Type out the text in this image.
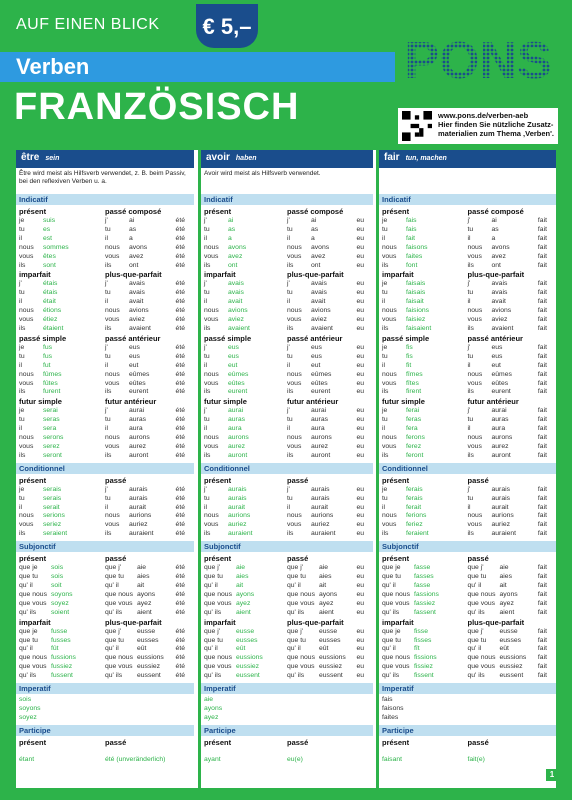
AUF EINEN BLICK € 5,–
Verben
FRANZÖSISCH
PONS
www.pons.de/verben-aeb
Hier finden Sie nützliche Zusatz-materialien zum Thema ‚Verben'.
être sein
Être wird meist als Hilfsverb verwendet, z. B. beim Passiv, bei den reflexiven Verben u. a.
Indicatif
présent
je	suis
tu	es
il	est
nous	sommes
vous	êtes
ils	sont
passé composé
j'	ai	été
tu	as	été
il	a	été
nous	avons	été
vous	avez	été
ils	ont	été
imparfait
j'	étais
tu	étais
il	était
nous	étions
vous	étiez
ils	étaient
plus-que-parfait
j'	avais	été
tu	avais	été
il	avait	été
nous	avions	été
vous	aviez	été
ils	avaient	été
passé simple
je	fus
tu	fus
il	fut
nous	fûmes
vous	fûtes
ils	furent
passé antérieur
j'	eus	été
tu	eus	été
il	eut	été
nous	eûmes	été
vous	eûtes	été
ils	eurent	été
futur simple
je	serai
tu	seras
il	sera
nous	serons
vous	serez
ils	seront
futur antérieur
j'	aurai	été
tu	auras	été
il	aura	été
nous	aurons	été
vous	aurez	été
ils	auront	été
Conditionnel
présent
je	serais
tu	serais
il	serait
nous	serions
vous	seriez
ils	seraient
passé
j'	aurais	été
tu	aurais	été
il	aurait	été
nous	aurions	été
vous	auriez	été
ils	auraient	été
Subjonctif
présent
que je	sois
que tu	sois
qu' il	soit
que nous soyons
que vous soyez
qu' ils	soient
passé
que j'	aie	été
que tu	aies	été
qu' il	ait	été
que nous ayons	été
que vous ayez	été
qu' ils	aient	été
imparfait
que je	fusse
que tu	fusses
qu' il	fût
que nous fussions
que vous fussiez
qu' ils	fussent
plus-que-parfait
que j'	eusse	été
que tu	eusses	été
qu' il	eût	été
que nous eussions été
que vous eussiez	été
qu' ils	eussent	été
Imperatif
sois
soyons
soyez
Participe
présent
étant
passé
été (unveränderlich)
avoir haben
Avoir wird meist als Hilfsverb verwendet.
Indicatif
présent
j'	ai
tu	as
il	a
nous	avons
vous	avez
ils	ont
passé composé
j'	ai	eu
tu	as	eu
il	a	eu
nous	avons	eu
vous	avez	eu
ils	ont	eu
imparfait
j'	avais
tu	avais
il	avait
nous	avions
vous	aviez
ils	avaient
plus-que-parfait
j'	avais	eu
tu	avais	eu
il	avait	eu
nous	avions	eu
vous	aviez	eu
ils	avaient	eu
passé simple
j'	eus
tu	eus
il	eut
nous	eûmes
vous	eûtes
ils	eurent
passé antérieur
j'	eus	eu
tu	eus	eu
il	eut	eu
nous	eûmes	eu
vous	eûtes	eu
ils	eurent	eu
futur simple
j'	aurai
tu	auras
il	aura
nous	aurons
vous	aurez
ils	auront
futur antérieur
j'	aurai	eu
tu	auras	eu
il	aura	eu
nous	aurons	eu
vous	aurez	eu
ils	auront	eu
Conditionnel
présent
j'	aurais
tu	aurais
il	aurait
nous	aurions
vous	auriez
ils	auraient
passé
j'	aurais	eu
tu	aurais	eu
il	aurait	eu
nous	aurions	eu
vous	auriez	eu
ils	auraient	eu
Subjonctif
présent
que j'	aie
que tu	aies
qu' il	ait
que nous ayons
que vous ayez
qu' ils	aient
passé
que j'	aie	eu
que tu	aies	eu
qu' il	ait	eu
que nous ayons	eu
que vous ayez	eu
qu' ils	aient	eu
imparfait
que j'	eusse
que tu	eusses
qu' il	eût
que nous eussions
que vous eussiez
qu' ils	eussent
plus-que-parfait
que j'	eusse	eu
que tu	eusses	eu
qu' il	eût	eu
que nous eussions eu
que vous eussiez	eu
qu' ils	eussent	eu
Imperatif
aie
ayons
ayez
Participe
présent
ayant
passé
eu(e)
fair tun, machen
Indicatif
présent
je	fais
tu	fais
il	fait
nous	faisons
vous	faites
ils	font
passé composé
j'	ai	fait
tu	as	fait
il	a	fait
nous	avons	fait
vous	avez	fait
ils	ont	fait
imparfait
je	faisais
tu	faisais
il	faisait
nous	faisions
vous	faisiez
ils	faisaient
plus-que-parfait
j'	avais	fait
tu	avais	fait
il	avait	fait
nous	avions	fait
vous	aviez	fait
ils	avaient	fait
passé simple
je	fis
tu	fis
il	fit
nous	fîmes
vous	fîtes
ils	firent
passé antérieur
j'	eus	fait
tu	eus	fait
il	eut	fait
nous	eûmes	fait
vous	eûtes	fait
ils	eurent	fait
futur simple
je	ferai
tu	feras
il	fera
nous	ferons
vous	ferez
ils	feront
futur antérieur
j'	aurai	fait
tu	auras	fait
il	aura	fait
nous	aurons	fait
vous	aurez	fait
ils	auront	fait
Conditionnel
présent
je	ferais
tu	ferais
il	ferait
nous	ferions
vous	feriez
ils	feraient
passé
j'	aurais	fait
tu	aurais	fait
il	aurait	fait
nous	aurions	fait
vous	auriez	fait
ils	auraient	fait
Subjonctif
présent
que je	fasse
que tu	fasses
qu' il	fasse
que nous fassions
que vous fassiez
qu' ils	fassent
passé
que j'	aie	fait
que tu	aies	fait
qu' il	ait	fait
que nous ayons	fait
que vous ayez	fait
qu' ils	aient	fait
imparfait
que je	fisse
que tu	fisses
qu' il	fît
que nous fissions
que vous fissiez
qu' ils	fissent
plus-que-parfait
que j'	eusse	fait
que tu	eusses	fait
qu' il	eût	fait
que nous eussions fait
que vous eussiez	fait
qu' ils	eussent	fait
Imperatif
fais
faisons
faites
Participe
présent
faisant
passé
fait(e)
1
